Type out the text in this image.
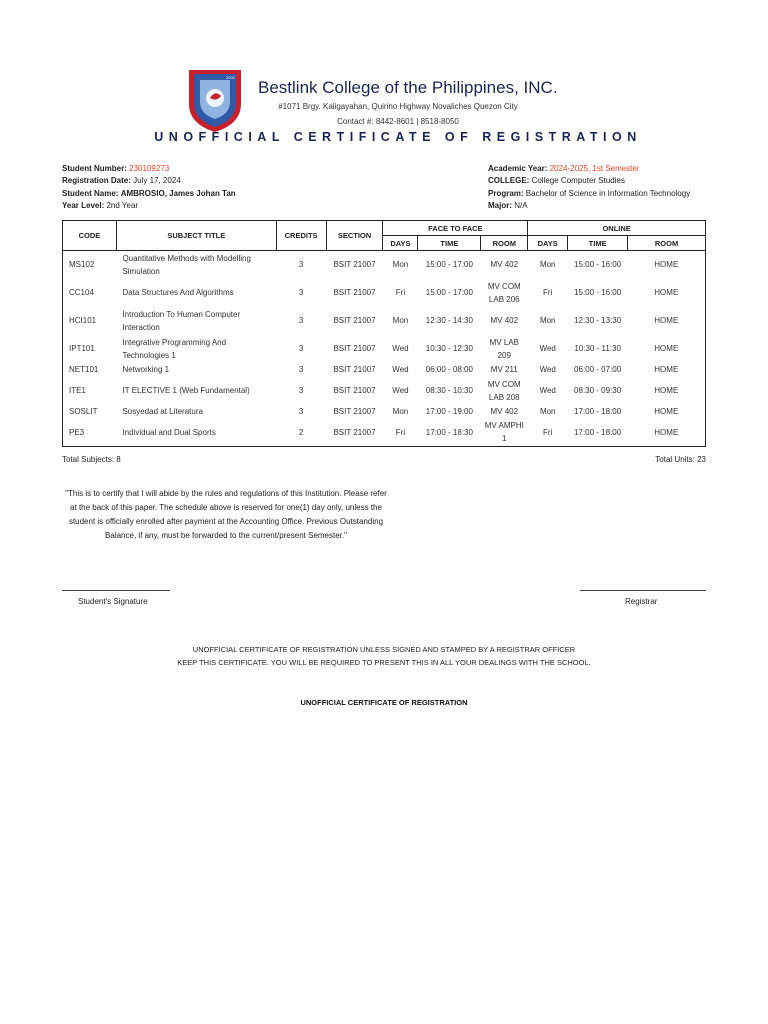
2002
Bestlink College of the Philippines, INC.
#1071 Brgy. Kaligayahan, Quirino Highway Novaliches Quezon City
Contact #: 8442-8601 | 8518-8050
UNOFFICIAL CERTIFICATE OF REGISTRATION
Student Number: 230109273
Registration Date: July 17, 2024
Student Name: AMBROSIO, James Johan Tan
Year Level: 2nd Year
Academic Year: 2024-2025, 1st Semester
COLLEGE: College Computer Studies
Program: Bachelor of Science in Information Technology
Major: N/A
CODE	SUBJECT TITLE	CREDITS	SECTION	FACE TO FACE			ONLINE		
				DAYS	TIME	ROOM	DAYS	TIME	ROOM
MS102	Quantitative Methods with Modelling Simulation	3	BSIT 21007	Mon	15:00 - 17:00	MV 402	Mon	15:00 - 16:00	HOME
CC104	Data Structures And Algorithms	3	BSIT 21007	Fri	15:00 - 17:00	MV COM LAB 206	Fri	15:00 - 16:00	HOME
HCI101	Introduction To Human Computer Interaction	3	BSIT 21007	Mon	12:30 - 14:30	MV 402	Mon	12:30 - 13:30	HOME
IPT101	Integrative Programming And Technologies 1	3	BSIT 21007	Wed	10:30 - 12:30	MV LAB 209	Wed	10:30 - 11:30	HOME
NET101	Networking 1	3	BSIT 21007	Wed	06:00 - 08:00	MV 211	Wed	06:00 - 07:00	HOME
ITE1	IT ELECTIVE 1 (Web Fundamental)	3	BSIT 21007	Wed	08:30 - 10:30	MV COM LAB 208	Wed	08:30 - 09:30	HOME
SOSLIT	Sosyedad at Literatura	3	BSIT 21007	Mon	17:00 - 19:00	MV 402	Mon	17:00 - 18:00	HOME
PE3	Individual and Dual Sports	2	BSIT 21007	Fri	17:00 - 18:30	MV AMPHI 1	Fri	17:00 - 18:00	HOME
Total Subjects: 8	Total Units: 23
"This is to certify that I will abide by the rules and regulations of this Institution. Please refer at the back of this paper. The schedule above is reserved for one(1) day only, unless the student is officially enrolled after payment at the Accounting Office. Previous Outstanding Balance, if any, must be forwarded to the current/present Semester."
Student's Signature	Registrar
UNOFFICIAL CERTIFICATE OF REGISTRATION UNLESS SIGNED AND STAMPED BY A REGISTRAR OFFICER
KEEP THIS CERTIFICATE. YOU WILL BE REQUIRED TO PRESENT THIS IN ALL YOUR DEALINGS WITH THE SCHOOL.
UNOFFICIAL CERTIFICATE OF REGISTRATION
